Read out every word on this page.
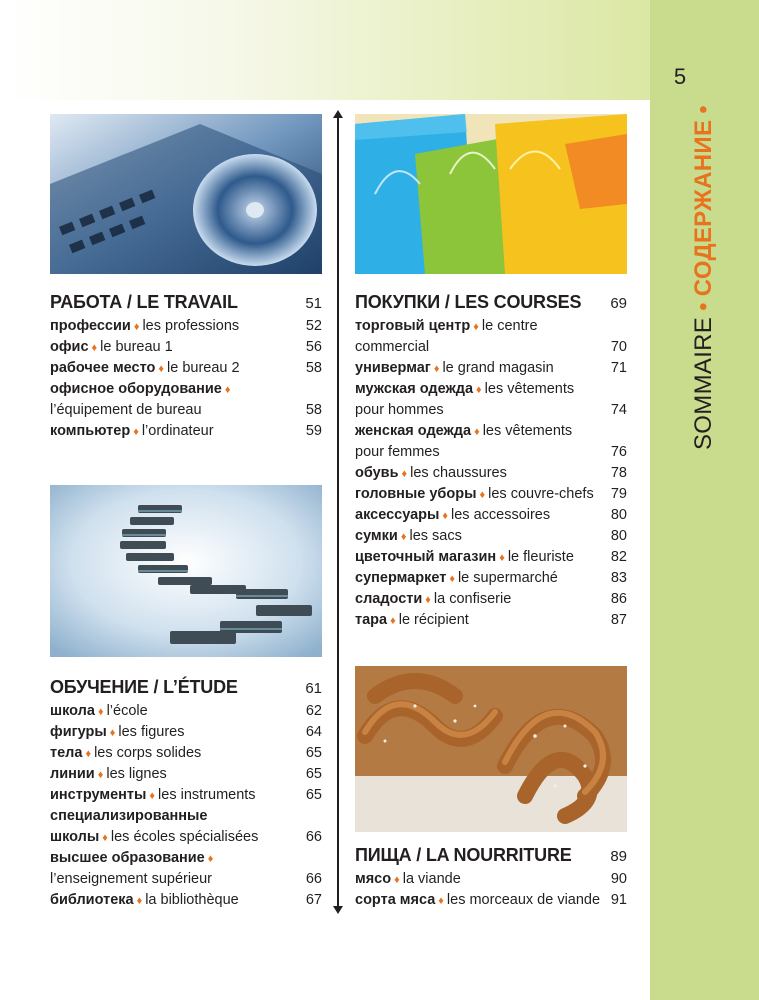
5
SOMMAIRE•СОДЕРЖАНИЕ•
РАБОТА / LE TRAVAIL	51
профессии ♦ les professions	52
офис ♦ le bureau 1	56
рабочее место ♦ le bureau 2	58
офисное оборудование ♦
l’équipement de bureau	58
компьютер ♦ l’ordinateur	59
ОБУЧЕНИЕ / L’ÉTUDE	61
школа ♦ l’école	62
фигуры ♦ les figures	64
тела ♦ les corps solides	65
линии ♦ les lignes	65
инструменты ♦ les instruments	65
специализированные
школы ♦ les écoles spécialisées	66
высшее образование ♦
l’enseignement supérieur	66
библиотека ♦ la bibliothèque	67
ПОКУПКИ / LES COURSES	69
торговый центр ♦ le centre
commercial	70
универмаг ♦ le grand magasin	71
мужская одежда ♦ les vêtements
pour hommes	74
женская одежда ♦ les vêtements
pour femmes	76
обувь ♦ les chaussures	78
головные уборы ♦ les couvre-chefs	79
аксессуары ♦ les accessoires	80
сумки ♦ les sacs	80
цветочный магазин ♦ le fleuriste	82
супермаркет ♦ le supermarché	83
сладости ♦ la confiserie	86
тара ♦ le récipient	87
ПИЩА / LA NOURRITURE	89
мясо ♦ la viande	90
сорта мяса ♦ les morceaux de viande 91
